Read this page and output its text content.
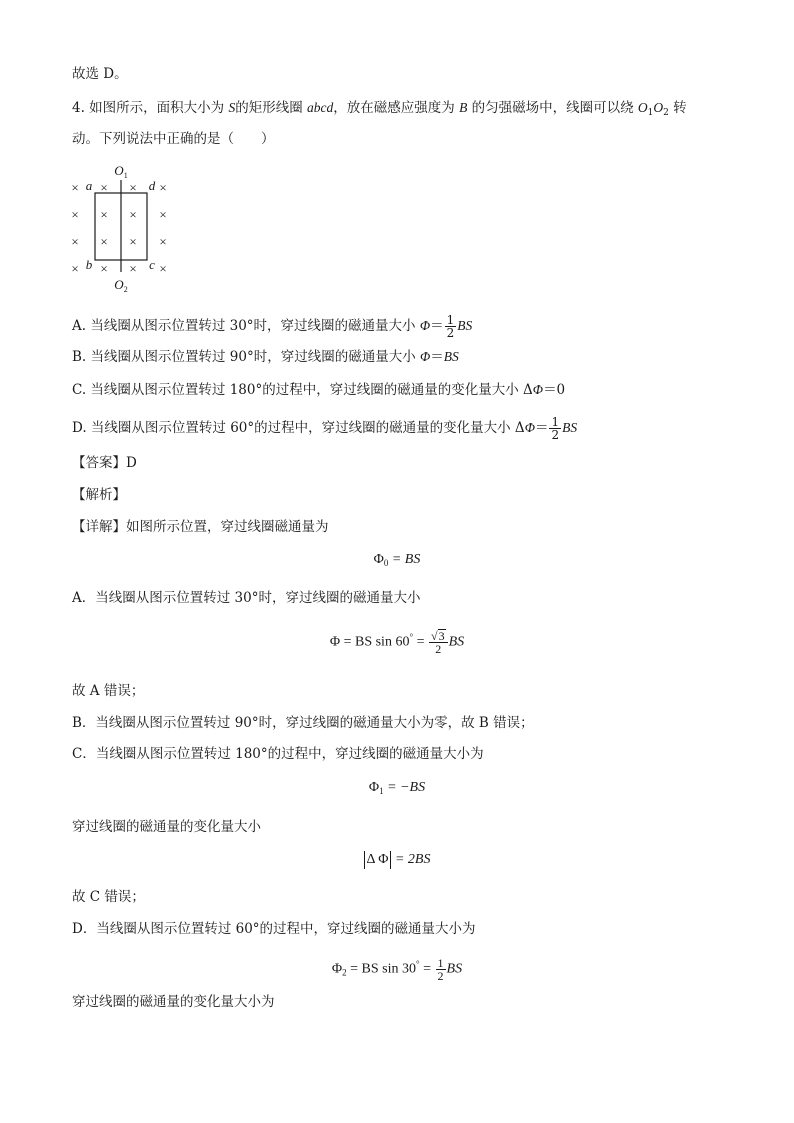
故选 D。
4. 如图所示，面积大小为 S的矩形线圈 abcd，放在磁感应强度为 B 的匀强磁场中，线圈可以绕 $O_1O_2$ 转
动。下列说法中正确的是（　　）
× a × × d ×
× × × ×
× × × ×
× b × × c ×
$O_1$
$O_2$
A. 当线圈从图示位置转过 30°时，穿过线圈的磁通量大小 $\Phi= \frac{1}{2}$ BS
B. 当线圈从图示位置转过 90°时，穿过线圈的磁通量大小 Φ＝BS
C. 当线圈从图示位置转过 180°的过程中，穿过线圈的磁通量的变化量大小 ΔΦ＝0
D. 当线圈从图示位置转过 60°的过程中，穿过线圈的磁通量的变化量大小 $\Delta\Phi= \frac{1}{2}$ BS
【答案】D
【解析】
【详解】如图所示位置，穿过线圈磁通量为
$\Phi_0$ = BS
A．当线圈从图示位置转过 30°时，穿过线圈的磁通量大小
Φ = BS $\sin 60^\circ = \frac{√3}{2}$ BS
故 A 错误；
B．当线圈从图示位置转过 90°时，穿过线圈的磁通量大小为零，故 B 错误；
C．当线圈从图示位置转过 180°的过程中，穿过线圈的磁通量大小为
$\Phi_1 = -BS$
穿过线圈的磁通量的变化量大小
Δ Φ = 2BS
故 C 错误；
D．当线圈从图示位置转过 60°的过程中，穿过线圈的磁通量大小为
$\Phi_2$ = BS $\sin 30^\circ = \frac{1}{2}$ BS
穿过线圈的磁通量的变化量大小为
